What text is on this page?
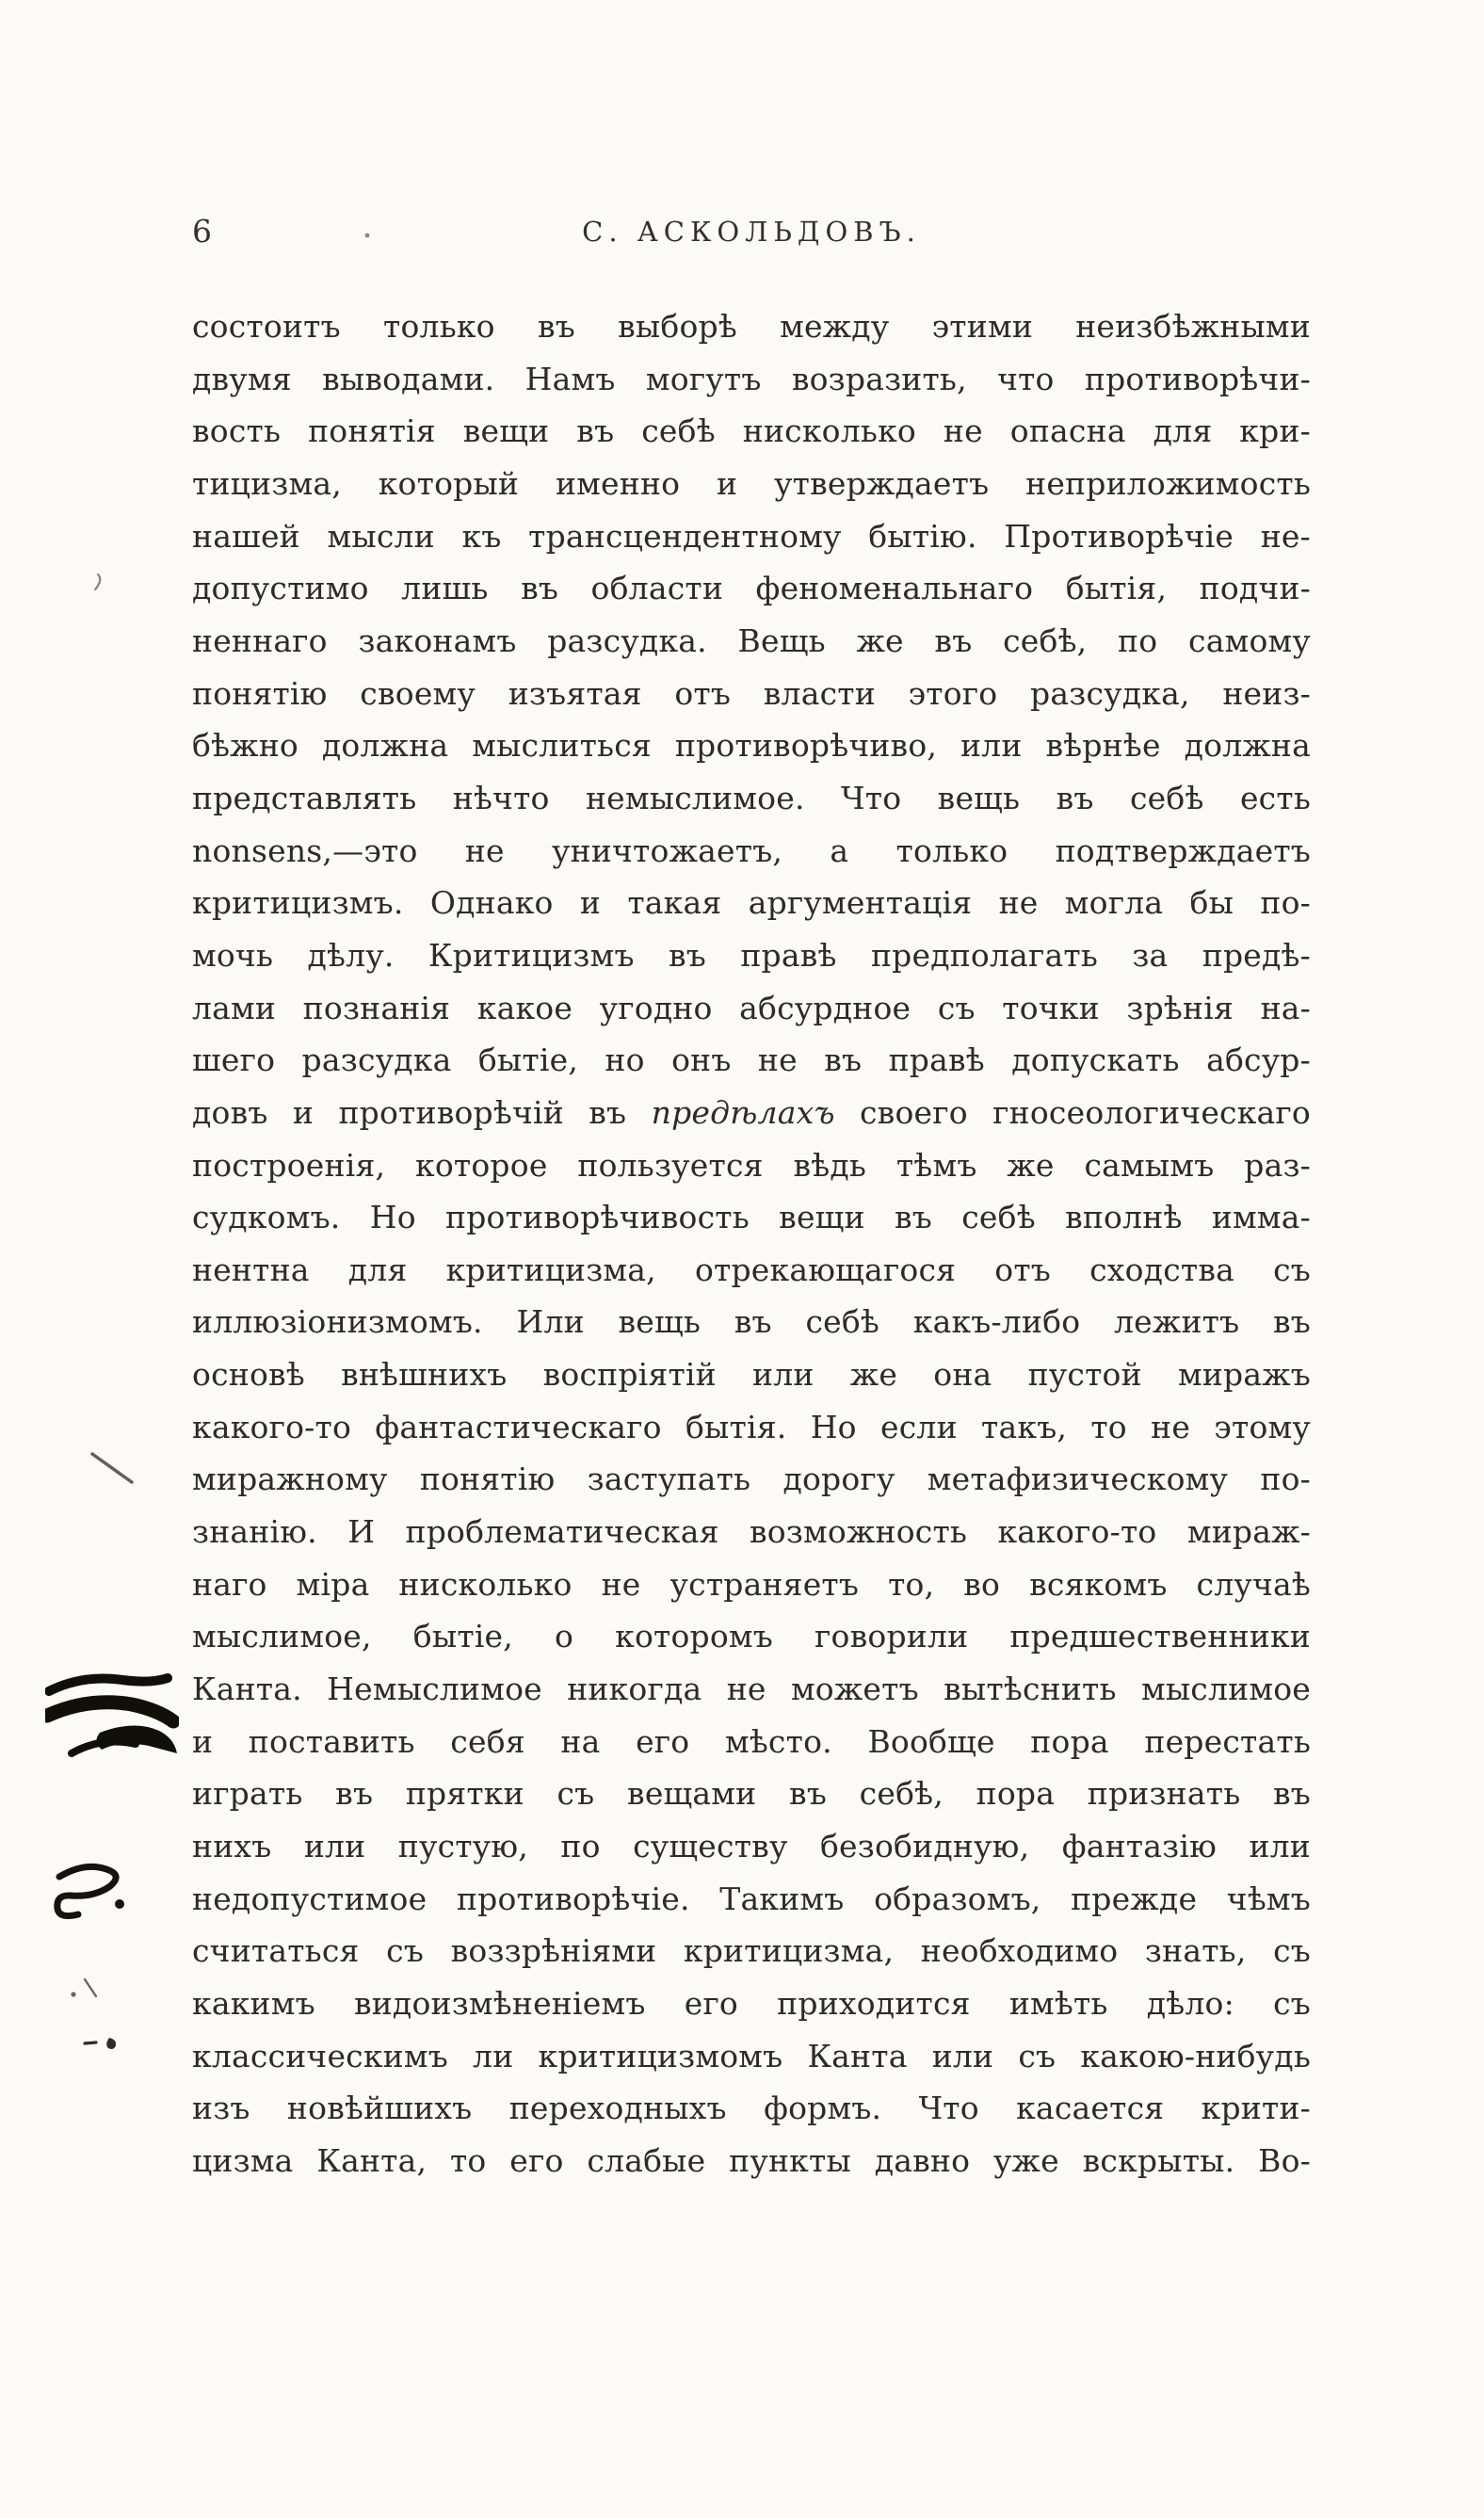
6	С. АСКОЛЬДОВЪ.
состоитъ только въ выборѣ между этими неизбѣжными
двумя выводами. Намъ могутъ возразить, что противорѣчи-
вость понятія вещи въ себѣ нисколько не опасна для кри-
тицизма, который именно и утверждаетъ неприложимость
нашей мысли къ трансцендентному бытію. Противорѣчіе не-
допустимо лишь въ области феноменальнаго бытія, подчи-
неннаго законамъ разсудка. Вещь же въ себѣ, по самому
понятію своему изъятая отъ власти этого разсудка, неиз-
бѣжно должна мыслиться противорѣчиво, или вѣрнѣе должна
представлять нѣчто немыслимое. Что вещь въ себѣ есть
nonsens,—это не уничтожаетъ, а только подтверждаетъ
критицизмъ. Однако и такая аргументація не могла бы по-
мочь дѣлу. Критицизмъ въ правѣ предполагать за предѣ-
лами познанія какое угодно абсурдное съ точки зрѣнія на-
шего разсудка бытіе, но онъ не въ правѣ допускать абсур-
довъ и противорѣчій въ предѣлахъ своего гносеологическаго
построенія, которое пользуется вѣдь тѣмъ же самымъ раз-
судкомъ. Но противорѣчивость вещи въ себѣ вполнѣ имма-
нентна для критицизма, отрекающагося отъ сходства съ
иллюзіонизмомъ. Или вещь въ себѣ какъ-либо лежитъ въ
основѣ внѣшнихъ воспріятій или же она пустой миражъ
какого-то фантастическаго бытія. Но если такъ, то не этому
миражному понятію заступать дорогу метафизическому по-
знанію. И проблематическая возможность какого-то мираж-
наго міра нисколько не устраняетъ то, во всякомъ случаѣ
мыслимое, бытіе, о которомъ говорили предшественники
Канта. Немыслимое никогда не можетъ вытѣснить мыслимое
и поставить себя на его мѣсто. Вообще пора перестать
играть въ прятки съ вещами въ себѣ, пора признать въ
нихъ или пустую, по существу безобидную, фантазію или
недопустимое противорѣчіе. Такимъ образомъ, прежде чѣмъ
считаться съ воззрѣніями критицизма, необходимо знать, съ
какимъ видоизмѣненіемъ его приходится имѣть дѣло: съ
классическимъ ли критицизмомъ Канта или съ какою-нибудь
изъ новѣйшихъ переходныхъ формъ. Что касается крити-
цизма Канта, то его слабые пункты давно уже вскрыты. Во-
